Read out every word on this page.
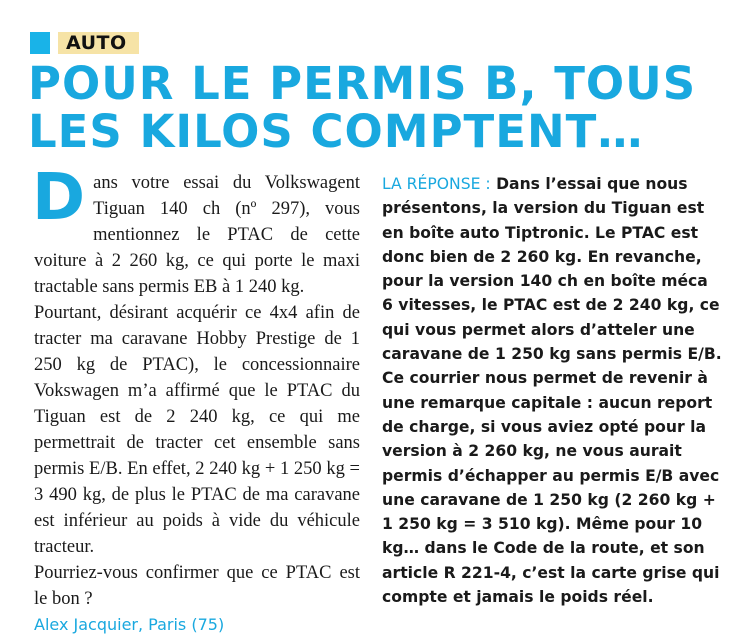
AUTO
POUR LE PERMIS B, TOUS
LES KILOS COMPTENT…

Dans votre essai du Volkswagent Tiguan 140 ch (nº 297), vous mentionnez le PTAC de cette voiture à 2 260 kg, ce qui porte le maxi tractable sans permis EB à 1 240 kg.

Pourtant, désirant acquérir ce 4x4 afin de tracter ma caravane Hobby Prestige de 1 250 kg de PTAC), le concessionnaire Vokswagen m’a affirmé que le PTAC du Tiguan est de 2 240 kg, ce qui me permettrait de tracter cet ensemble sans permis E/B. En effet, 2 240 kg + 1 250 kg = 3 490 kg, de plus le PTAC de ma caravane est inférieur au poids à vide du véhicule tracteur.

Pourriez-vous confirmer que ce PTAC est le bon ?

Alex Jacquier, Paris (75)
LA RÉPONSE : Dans l’essai que nous présentons, la version du Tiguan est en boîte auto Tiptronic. Le PTAC est donc bien de 2 260 kg. En revanche, pour la version 140 ch en boîte méca 6 vitesses, le PTAC est de 2 240 kg, ce qui vous permet alors d’atteler une caravane de 1 250 kg sans permis E/B. Ce courrier nous permet de revenir à une remarque capitale : aucun report de charge, si vous aviez opté pour la version à 2 260 kg, ne vous aurait permis d’échapper au permis E/B avec une caravane de 1 250 kg (2 260 kg + 1 250 kg = 3 510 kg). Même pour 10 kg… dans le Code de la route, et son article R 221-4, c’est la carte grise qui compte et jamais le poids réel.
